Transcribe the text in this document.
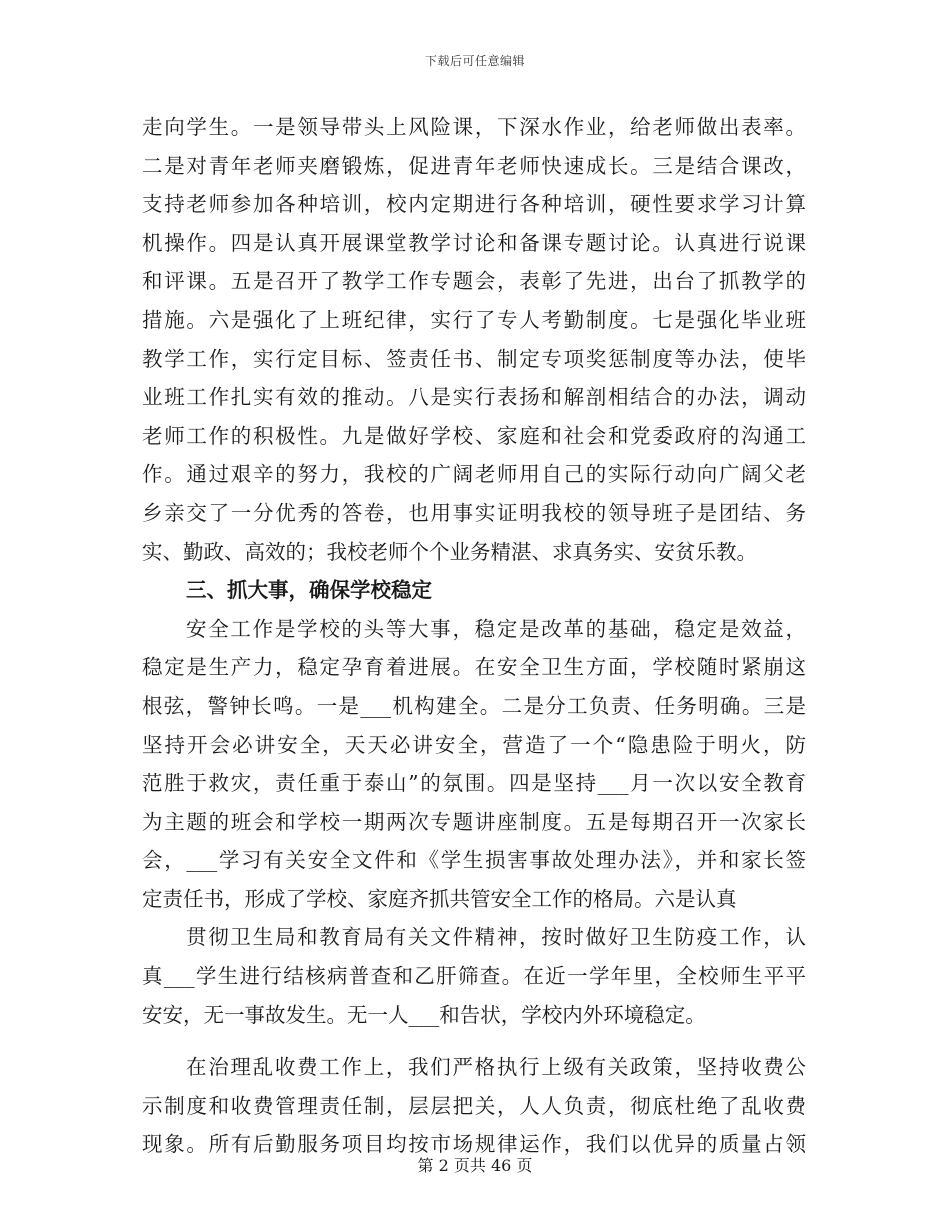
下载后可任意编辑
走向学生。一是领导带头上风险课，下深水作业，给老师做出表率。
二是对青年老师夹磨锻炼，促进青年老师快速成长。三是结合课改，
支持老师参加各种培训，校内定期进行各种培训，硬性要求学习计算
机操作。四是认真开展课堂教学讨论和备课专题讨论。认真进行说课
和评课。五是召开了教学工作专题会，表彰了先进，出台了抓教学的
措施。六是强化了上班纪律，实行了专人考勤制度。七是强化毕业班
教学工作，实行定目标、签责任书、制定专项奖惩制度等办法，使毕
业班工作扎实有效的推动。八是实行表扬和解剖相结合的办法，调动
老师工作的积极性。九是做好学校、家庭和社会和党委政府的沟通工
作。通过艰辛的努力，我校的广阔老师用自己的实际行动向广阔父老
乡亲交了一分优秀的答卷，也用事实证明我校的领导班子是团结、务
实、勤政、高效的；我校老师个个业务精湛、求真务实、安贫乐教。
三、抓大事，确保学校稳定
安全工作是学校的头等大事，稳定是改革的基础，稳定是效益，
稳定是生产力，稳定孕育着进展。在安全卫生方面，学校随时紧崩这
根弦，警钟长鸣。一是___机构建全。二是分工负责、任务明确。三是
坚持开会必讲安全，天天必讲安全，营造了一个“隐患险于明火，防
范胜于救灾，责任重于泰山”的氛围。四是坚持___月一次以安全教育
为主题的班会和学校一期两次专题讲座制度。五是每期召开一次家长
会，___学习有关安全文件和《学生损害事故处理办法》，并和家长签
定责任书，形成了学校、家庭齐抓共管安全工作的格局。六是认真
贯彻卫生局和教育局有关文件精神，按时做好卫生防疫工作，认
真___学生进行结核病普查和乙肝筛查。在近一学年里，全校师生平平
安安，无一事故发生。无一人___和告状，学校内外环境稳定。
在治理乱收费工作上，我们严格执行上级有关政策，坚持收费公
示制度和收费管理责任制，层层把关，人人负责，彻底杜绝了乱收费
现象。所有后勤服务项目均按市场规律运作，我们以优异的质量占领
第 2 页共 46 页
